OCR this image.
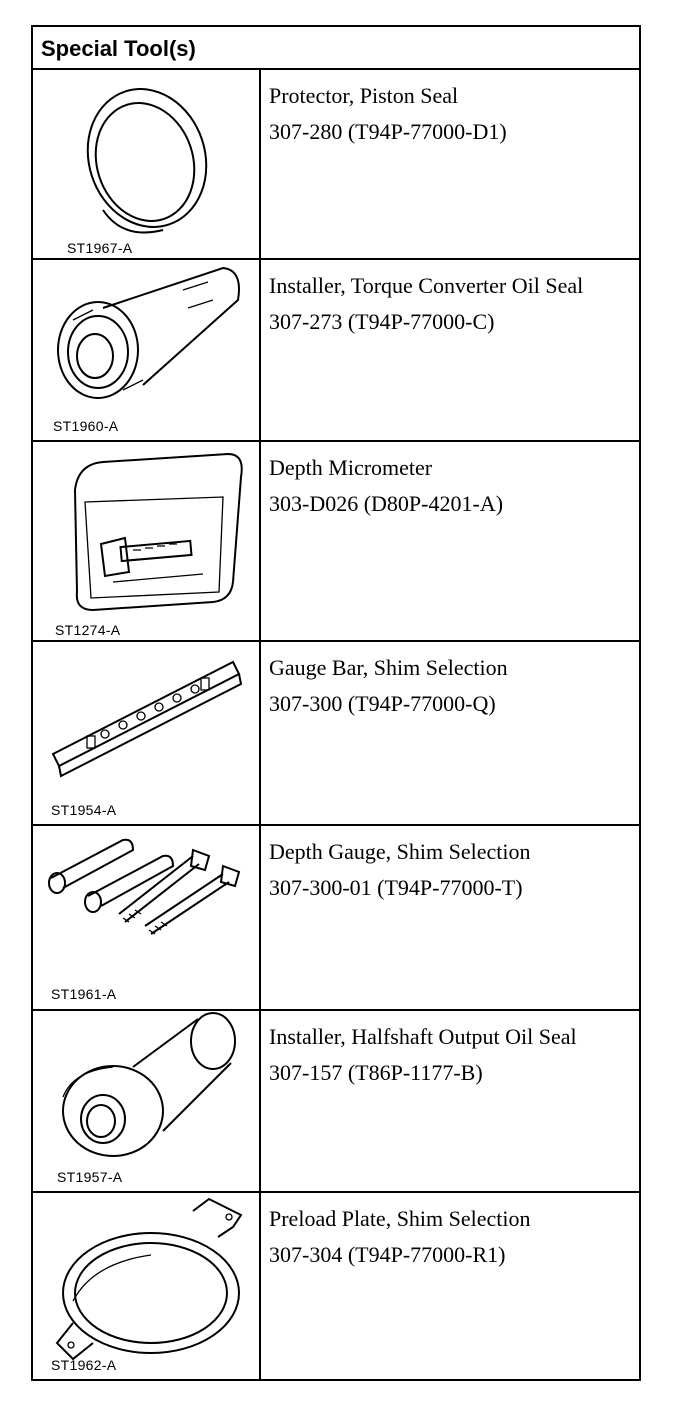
Special Tool(s)
ST1967-A
Protector, Piston Seal
307-280 (T94P-77000-D1)
ST1960-A
Installer, Torque Converter Oil Seal
307-273 (T94P-77000-C)
ST1274-A
Depth Micrometer
303-D026 (D80P-4201-A)
ST1954-A
Gauge Bar, Shim Selection
307-300 (T94P-77000-Q)
ST1961-A
Depth Gauge, Shim Selection
307-300-01 (T94P-77000-T)
ST1957-A
Installer, Halfshaft Output Oil Seal
307-157 (T86P-1177-B)
ST1962-A
Preload Plate, Shim Selection
307-304 (T94P-77000-R1)
